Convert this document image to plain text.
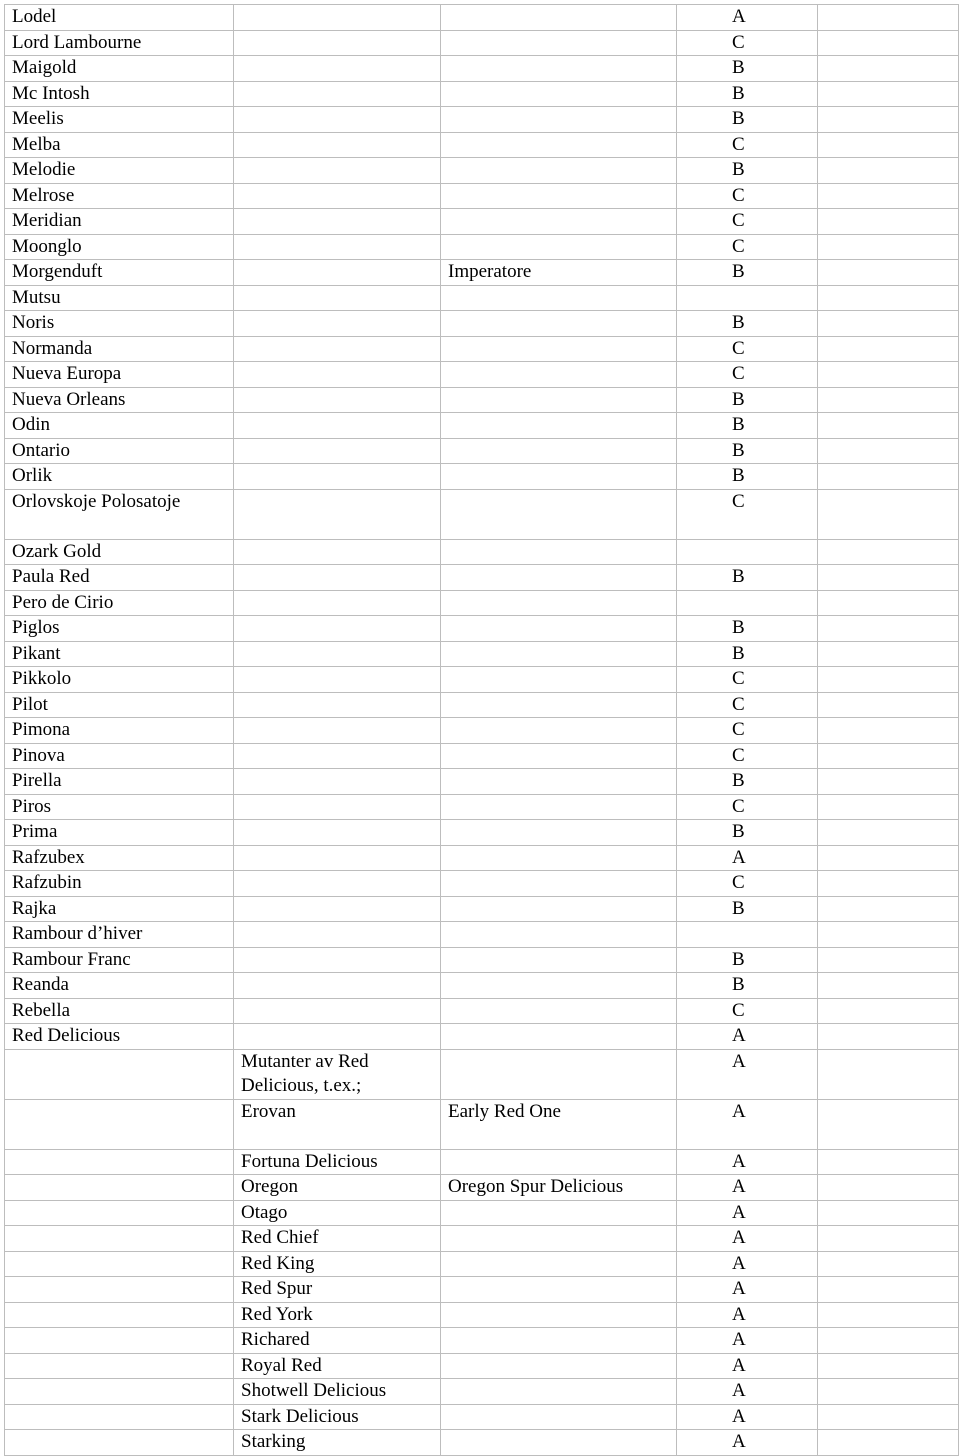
Lodel			A	

Lord Lambourne			C	

Maigold			B	

Mc Intosh			B	

Meelis			B	

Melba			C	

Melodie			B	

Melrose			C	

Meridian			C	

Moonglo			C	

Morgenduft		Imperatore	B	

Mutsu				

Noris			B	

Normanda			C	

Nueva Europa			C	

Nueva Orleans			B	

Odin			B	

Ontario			B	

Orlik			B	

Orlovskoje Polosatoje			C	

Ozark Gold				

Paula Red			B	

Pero de Cirio				

Piglos			B	

Pikant			B	

Pikkolo			C	

Pilot			C	

Pimona			C	

Pinova			C	

Pirella			B	

Piros			C	

Prima			B	

Rafzubex			A	

Rafzubin			C	

Rajka			B	

Rambour d’hiver				

Rambour Franc			B	

Reanda			B	

Rebella			C	

Red Delicious			A	

	Mutanter av Red Delicious, t.ex.;		A	

	Erovan	Early Red One	A	

	Fortuna Delicious		A	

	Oregon	Oregon Spur Delicious	A	

	Otago		A	

	Red Chief		A	

	Red King		A	

	Red Spur		A	

	Red York		A	

	Richared		A	

	Royal Red		A	

	Shotwell Delicious		A	

	Stark Delicious		A	

	Starking		A	
